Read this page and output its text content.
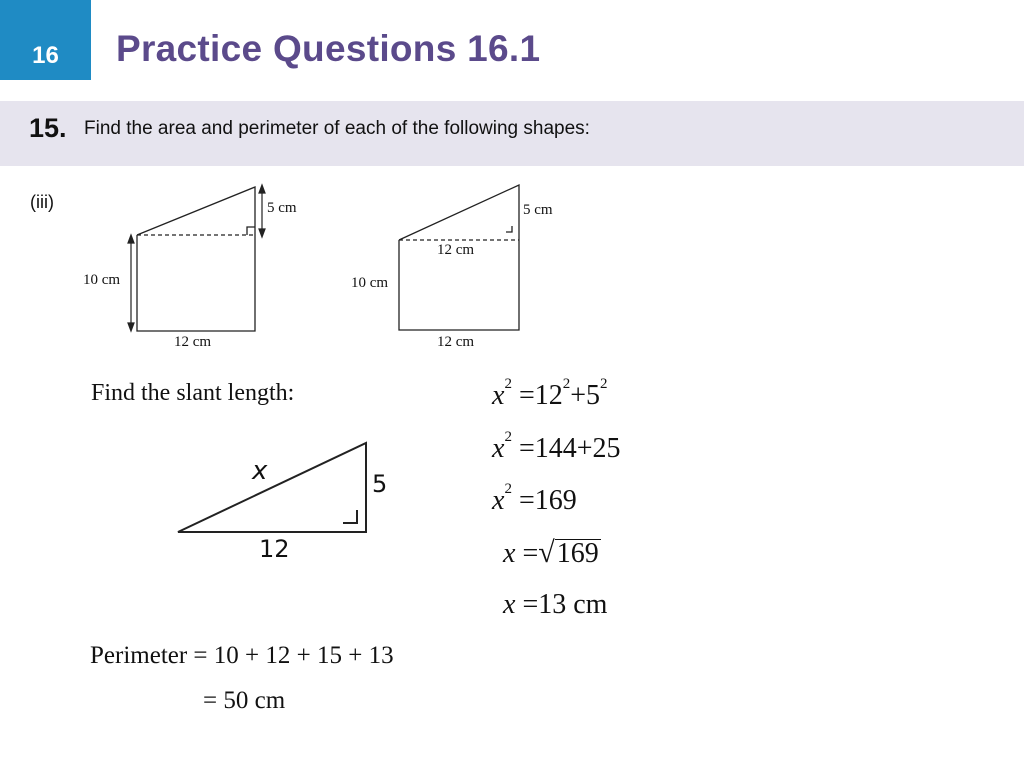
16	Practice Questions 16.1
15. Find the area and perimeter of each of the following shapes:
(iii)	5 cm
10 cm
12 cm
5 cm
12 cm
10 cm
12 cm
Find the slant length:
x	5
12
$x^2 =12^2+5^2$
$x^2 =144+25$
$x^2 =169$
x =√169
x =13 cm
Perimeter = 10 + 12 + 15 + 13
= 50 cm
